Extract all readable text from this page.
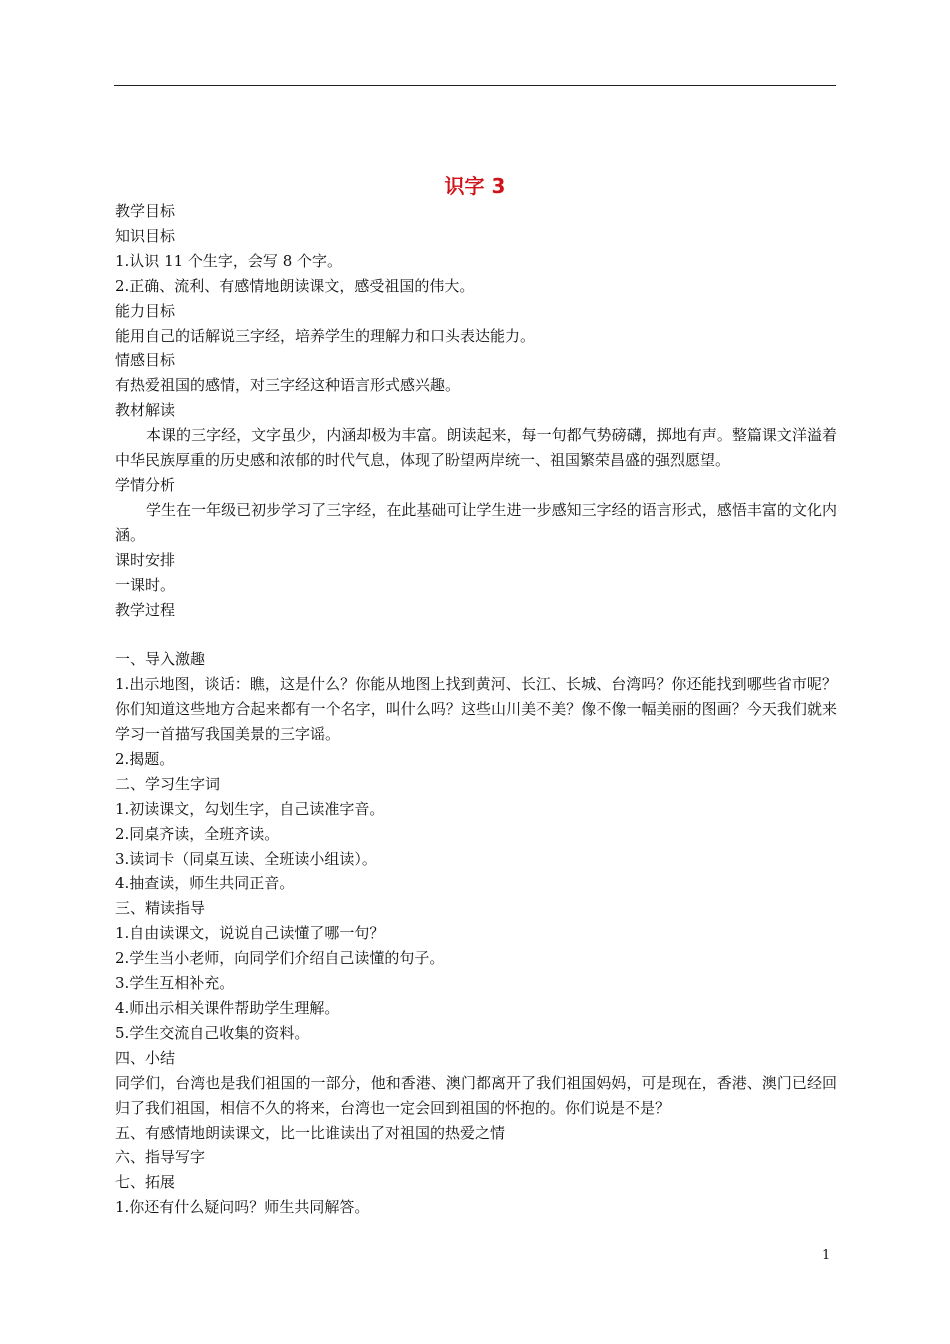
识字 3

教学目标

知识目标

1.认识 11 个生字，会写 8 个字。

2.正确、流利、有感情地朗读课文，感受祖国的伟大。

能力目标

能用自己的话解说三字经，培养学生的理解力和口头表达能力。

情感目标

有热爱祖国的感情，对三字经这种语言形式感兴趣。

教材解读

本课的三字经，文字虽少，内涵却极为丰富。朗读起来，每一句都气势磅礴，掷地有声。整篇课文洋溢着中华民族厚重的历史感和浓郁的时代气息，体现了盼望两岸统一、祖国繁荣昌盛的强烈愿望。

学情分析

学生在一年级已初步学习了三字经，在此基础可让学生进一步感知三字经的语言形式，感悟丰富的文化内涵。

课时安排

一课时。

教学过程

一、导入激趣

1.出示地图，谈话：瞧，这是什么？你能从地图上找到黄河、长江、长城、台湾吗？你还能找到哪些省市呢？你们知道这些地方合起来都有一个名字，叫什么吗？这些山川美不美？像不像一幅美丽的图画？今天我们就来学习一首描写我国美景的三字谣。

2.揭题。

二、学习生字词

1.初读课文，勾划生字，自己读准字音。

2.同桌齐读，全班齐读。

3.读词卡（同桌互读、全班读小组读）。

4.抽查读，师生共同正音。

三、精读指导

1.自由读课文，说说自己读懂了哪一句？

2.学生当小老师，向同学们介绍自己读懂的句子。

3.学生互相补充。

4.师出示相关课件帮助学生理解。

5.学生交流自己收集的资料。

四、小结

同学们，台湾也是我们祖国的一部分，他和香港、澳门都离开了我们祖国妈妈，可是现在，香港、澳门已经回归了我们祖国，相信不久的将来，台湾也一定会回到祖国的怀抱的。你们说是不是？

五、有感情地朗读课文，比一比谁读出了对祖国的热爱之情

六、指导写字

七、拓展

1.你还有什么疑问吗？师生共同解答。

1
